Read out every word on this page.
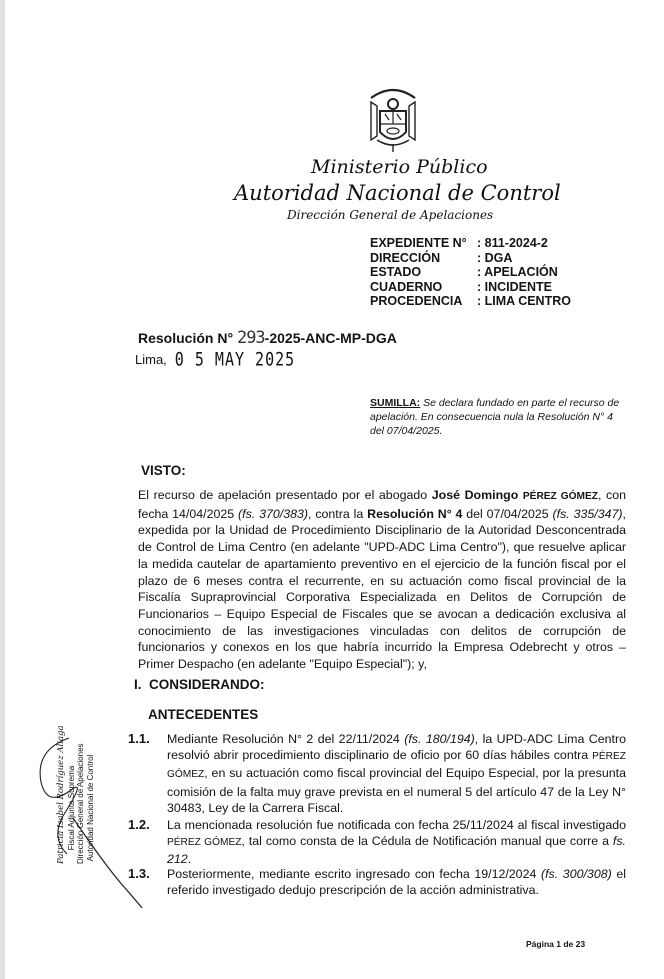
Ministerio Público
Autoridad Nacional de Control
Dirección General de Apelaciones
EXPEDIENTE N° : 811-2024-2
DIRECCIÓN	: DGA
ESTADO	: APELACIÓN
CUADERNO	: INCIDENTE
PROCEDENCIA	: LIMA CENTRO
Resolución N° 293-2025-ANC-MP-DGA
Lima, 0 5 MAY 2025
SUMILLA: Se declara fundado en parte el recurso de apelación. En consecuencia nula la Resolución N° 4 del 07/04/2025.
VISTO:
El recurso de apelación presentado por el abogado José Domingo PÉREZ GÓMEZ, con fecha 14/04/2025 (fs. 370/383), contra la Resolución N° 4 del 07/04/2025 (fs. 335/347), expedida por la Unidad de Procedimiento Disciplinario de la Autoridad Desconcentrada de Control de Lima Centro (en adelante "UPD-ADC Lima Centro"), que resuelve aplicar la medida cautelar de apartamiento preventivo en el ejercicio de la función fiscal por el plazo de 6 meses contra el recurrente, en su actuación como fiscal provincial de la Fiscalía Supraprovincial Corporativa Especializada en Delitos de Corrupción de Funcionarios – Equipo Especial de Fiscales que se avocan a dedicación exclusiva al conocimiento de las investigaciones vinculadas con delitos de corrupción de funcionarios y conexos en los que habría incurrido la Empresa Odebrecht y otros – Primer Despacho (en adelante "Equipo Especial"); y,
I. CONSIDERANDO:
ANTECEDENTES
1.1.	Mediante Resolución N° 2 del 22/11/2024 (fs. 180/194), la UPD-ADC Lima Centro resolvió abrir procedimiento disciplinario de oficio por 60 días hábiles contra PÉREZ GÓMEZ, en su actuación como fiscal provincial del Equipo Especial, por la presunta comisión de la falta muy grave prevista en el numeral 5 del artículo 47 de la Ley N° 30483, Ley de la Carrera Fiscal.
1.2.	La mencionada resolución fue notificada con fecha 25/11/2024 al fiscal investigado PÉREZ GÓMEZ, tal como consta de la Cédula de Notificación manual que corre a fs. 212.
1.3.	Posteriormente, mediante escrito ingresado con fecha 19/12/2024 (fs. 300/308) el referido investigado dedujo prescripción de la acción administrativa.
Patricia Isabel Rodríguez Aliaga Fiscal Adjunta Suprema Dirección General de Apelaciones Autoridad Nacional de Control
Página 1 de 23
